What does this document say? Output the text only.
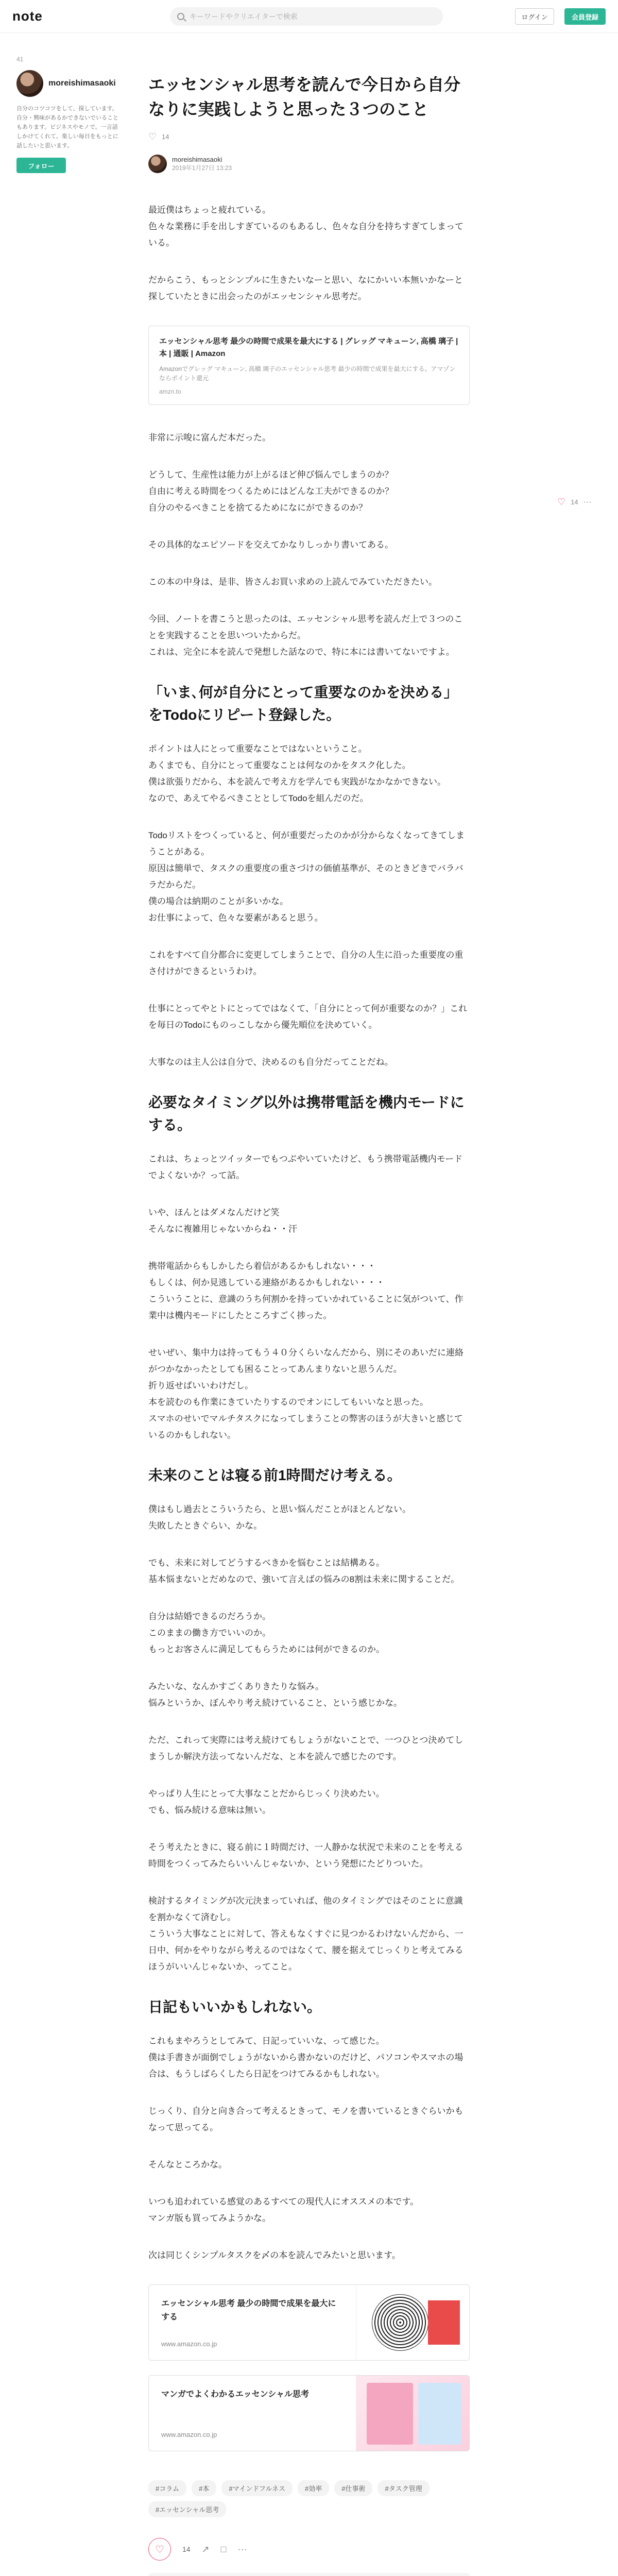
note
キーワードやクリエイターで検索	ログイン	会員登録
41
moreishimasaoki
自分のコツコツをして、探しています。自分・興味があるかできないでいることもあります。ビジネスやモノで。一言話しかけてくれて。楽しい毎日をもっとに話したいと思います。
フォロー
♡ 14 ···
エッセンシャル思考を読んで今日から自分なりに実践しようと思った３つのこと
♡ 14
moreishimasaoki
2019年1月27日 13:23

最近僕はちょっと疲れている。
色々な業務に手を出しすぎているのもあるし、色々な自分を持ちすぎてしまっている。

だからこう、もっとシンプルに生きたいなーと思い、なにかいい本無いかなーと探していたときに出会ったのがエッセンシャル思考だ。

エッセンシャル思考 最少の時間で成果を最大にする | グレッグ マキューン, 高橋 璃子 |本 | 通販 | Amazon
Amazonでグレッグ マキューン, 高橋 璃子のエッセンシャル思考 最少の時間で成果を最大にする。アマゾンならポイント還元
amzn.to

非常に示唆に富んだ本だった。

どうして、生産性は能力が上がるほど伸び悩んでしまうのか？
自由に考える時間をつくるためにはどんな工夫ができるのか？
自分のやるべきことを捨てるためになにができるのか？

その具体的なエピソードを交えてかなりしっかり書いてある。

この本の中身は、是非、皆さんお買い求めの上読んでみていただきたい。

今回、ノートを書こうと思ったのは、エッセンシャル思考を読んだ上で３つのことを実践することを思いついたからだ。
これは、完全に本を読んで発想した話なので、特に本には書いてないですよ。

「いま､何が自分にとって重要なのかを決める」をTodoにリピート登録した。

ポイントは人にとって重要なことではないということ。
あくまでも、自分にとって重要なことは何なのかをタスク化した。
僕は欲張りだから、本を読んで考え方を学んでも実践がなかなかできない。
なので、あえてやるべきこととしてTodoを組んだのだ。

Todoリストをつくっていると、何が重要だったのかが分からなくなってきてしまうことがある。
原因は簡単で、タスクの重要度の重さづけの価値基準が、そのときどきでバラバラだからだ。
僕の場合は納期のことが多いかな。
お仕事によって、色々な要素があると思う。

これをすべて自分都合に変更してしまうことで、自分の人生に沿った重要度の重さ付けができるというわけ。

仕事にとってやとトにとってではなくて、「自分にとって何が重要なのか？」これを毎日のTodoにものっこしなから優先順位を決めていく。

大事なのは主人公は自分で、決めるのも自分だってことだね。

必要なタイミング以外は携帯電話を機内モードにする。

これは、ちょっとツイッターでもつぶやいていたけど、もう携帯電話機内モードでよくないか？って話。

いや、ほんとはダメなんだけど笑
そんなに複雑用じゃないからね・・汗

携帯電話からもしかしたら着信があるかもしれない・・・
もしくは、何か見逃している連絡があるかもしれない・・・
こういうことに、意識のうち何割かを持っていかれていることに気がついて、作業中は機内モードにしたところすごく捗った。

せいぜい、集中力は持ってもう４０分くらいなんだから、別にそのあいだに連絡がつかなかったとしても困ることってあんまりないと思うんだ。
折り返せばいいわけだし。
本を読むのも作業にきていたりするのでオンにしてもいいなと思った。
スマホのせいでマルチタスクになってしまうことの弊害のほうが大きいと感じているのかもしれない。

未来のことは寝る前1時間だけ考える。

僕はもし過去とこういうたら、と思い悩んだことがほとんどない。
失敗したときぐらい、かな。

でも、未来に対してどうするべきかを悩むことは結構ある。
基本悩まないとだめなので、強いて言えばの悩みの8割は未来に関することだ。

自分は結婚できるのだろうか。
このままの働き方でいいのか。
もっとお客さんに満足してもらうためには何ができるのか。

みたいな、なんかすごくありきたりな悩み。
悩みというか、ぼんやり考え続けていること、という感じかな。

ただ、これって実際には考え続けてもしょうがないことで、一つひとつ決めてしまうしか解決方法ってないんだな、と本を読んで感じたのです。

やっぱり人生にとって大事なことだからじっくり決めたい。
でも、悩み続ける意味は無い。

そう考えたときに、寝る前に１時間だけ、一人静かな状況で未来のことを考える時間をつくってみたらいいんじゃないか、という発想にたどりついた。

検討するタイミングが次元決まっていれば、他のタイミングではそのことに意識を割かなくて済むし。
こういう大事なことに対して、答えもなくすぐに見つかるわけないんだから、一日中、何かをやりながら考えるのではなくて、腰を据えてじっくりと考えてみるほうがいいんじゃないか、ってこと。

日記もいいかもしれない。

これもまやろうとしてみて、日記っていいな、って感じた。
僕は手書きが面倒でしょうがないから書かないのだけど、パソコンやスマホの場合は、もうしばらくしたら日記をつけてみるかもしれない。

じっくり、自分と向き合って考えるときって、モノを書いているときぐらいかもなって思ってる。

そんなところかな。

いつも追われている感覚のあるすべての現代人にオススメの本です。
マンガ版も買ってみようかな。

次は同じくシンプルタスクを〆の本を読んでみたいと思います。

エッセンシャル思考 最少の時間で成果を最大にする
www.amazon.co.jp
マンガでよくわかるエッセンシャル思考
www.amazon.co.jp
#コラム	#本	#マインドフルネス	#効率	#仕事術	#タスク管理
#エッセンシャル思考
♡	14 ↗ □ ···
